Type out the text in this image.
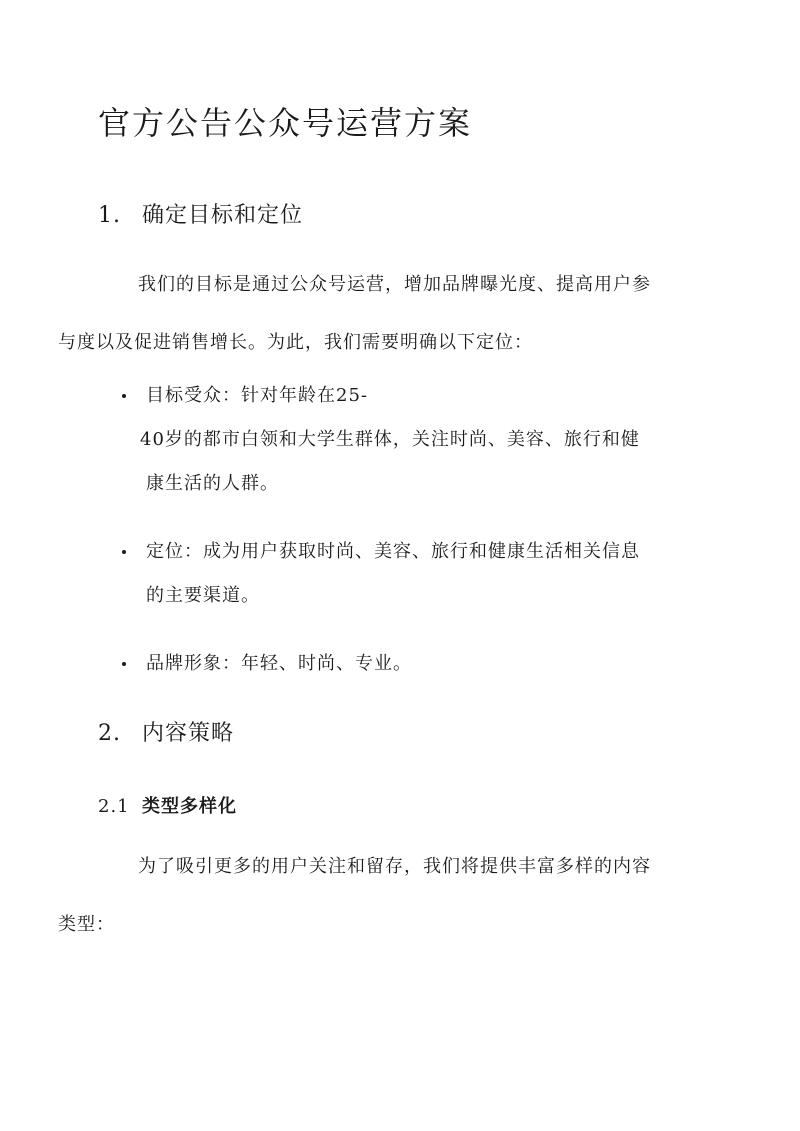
官方公告公众号运营方案
1. 确定目标和定位
我们的目标是通过公众号运营，增加品牌曝光度、提高用户参
与度以及促进销售增长。为此，我们需要明确以下定位：
目标受众：针对年龄在25-
40岁的都市白领和大学生群体，关注时尚、美容、旅行和健
康生活的人群。
定位：成为用户获取时尚、美容、旅行和健康生活相关信息
的主要渠道。
品牌形象：年轻、时尚、专业。
2. 内容策略
2.1 类型多样化
为了吸引更多的用户关注和留存，我们将提供丰富多样的内容
类型：
